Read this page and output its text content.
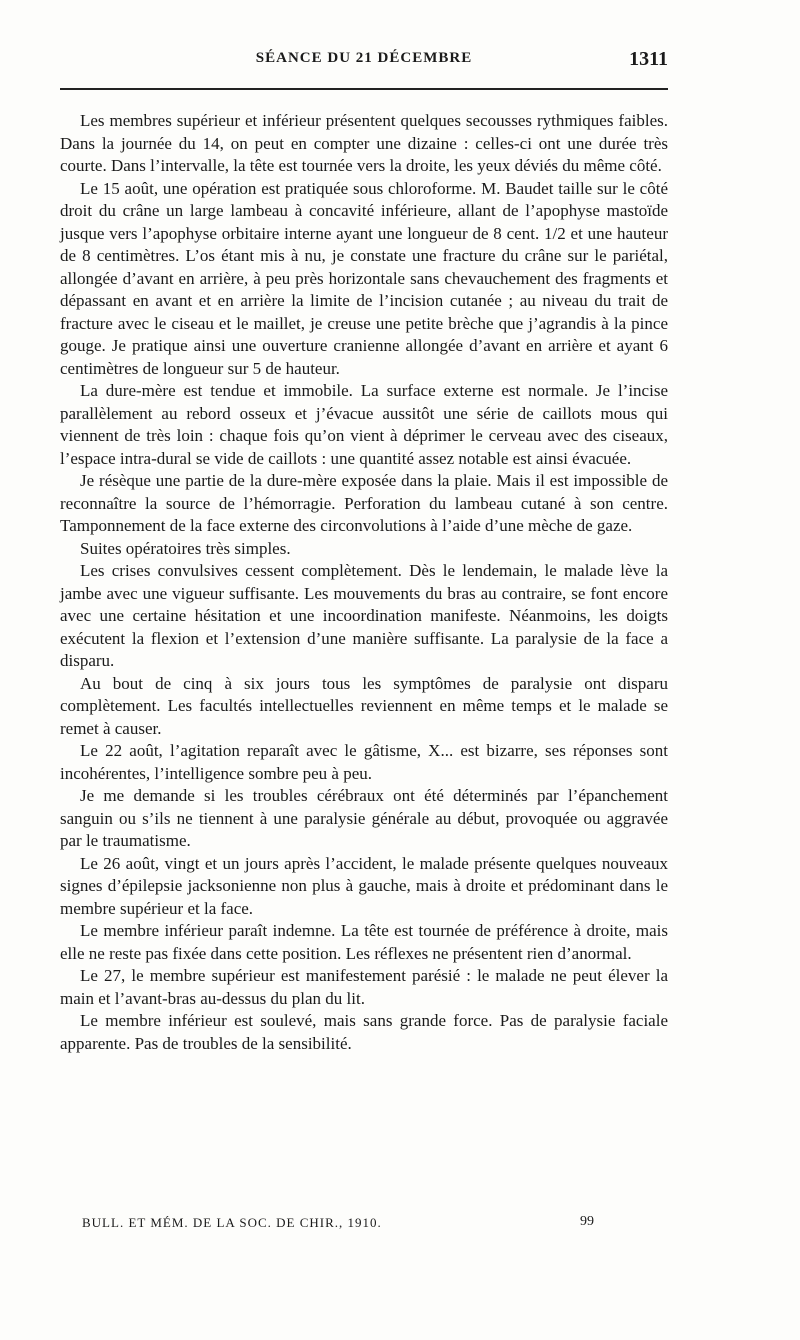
SÉANCE DU 21 DÉCEMBRE	1311

Les membres supérieur et inférieur présentent quelques secousses rythmiques faibles. Dans la journée du 14, on peut en compter une dizaine : celles-ci ont une durée très courte. Dans l’intervalle, la tête est tournée vers la droite, les yeux déviés du même côté.

Le 15 août, une opération est pratiquée sous chloroforme. M. Baudet taille sur le côté droit du crâne un large lambeau à concavité inférieure, allant de l’apophyse mastoïde jusque vers l’apophyse orbitaire interne ayant une longueur de 8 cent. 1/2 et une hauteur de 8 centimètres. L’os étant mis à nu, je constate une fracture du crâne sur le pariétal, allongée d’avant en arrière, à peu près horizontale sans chevauchement des fragments et dépassant en avant et en arrière la limite de l’incision cutanée ; au niveau du trait de fracture avec le ciseau et le maillet, je creuse une petite brèche que j’agrandis à la pince gouge. Je pratique ainsi une ouverture cranienne allongée d’avant en arrière et ayant 6 centimètres de longueur sur 5 de hauteur.

La dure-mère est tendue et immobile. La surface externe est normale. Je l’incise parallèlement au rebord osseux et j’évacue aussitôt une série de caillots mous qui viennent de très loin : chaque fois qu’on vient à déprimer le cerveau avec des ciseaux, l’espace intra-dural se vide de caillots : une quantité assez notable est ainsi évacuée.

Je résèque une partie de la dure-mère exposée dans la plaie. Mais il est impossible de reconnaître la source de l’hémorragie. Perforation du lambeau cutané à son centre. Tamponnement de la face externe des circonvolutions à l’aide d’une mèche de gaze.

Suites opératoires très simples.

Les crises convulsives cessent complètement. Dès le lendemain, le malade lève la jambe avec une vigueur suffisante. Les mouvements du bras au contraire, se font encore avec une certaine hésitation et une incoordination manifeste. Néanmoins, les doigts exécutent la flexion et l’extension d’une manière suffisante. La paralysie de la face a disparu.

Au bout de cinq à six jours tous les symptômes de paralysie ont disparu complètement. Les facultés intellectuelles reviennent en même temps et le malade se remet à causer.

Le 22 août, l’agitation reparaît avec le gâtisme, X... est bizarre, ses réponses sont incohérentes, l’intelligence sombre peu à peu.

Je me demande si les troubles cérébraux ont été déterminés par l’épanchement sanguin ou s’ils ne tiennent à une paralysie générale au début, provoquée ou aggravée par le traumatisme.

Le 26 août, vingt et un jours après l’accident, le malade présente quelques nouveaux signes d’épilepsie jacksonienne non plus à gauche, mais à droite et prédominant dans le membre supérieur et la face.

Le membre inférieur paraît indemne. La tête est tournée de préférence à droite, mais elle ne reste pas fixée dans cette position. Les réflexes ne présentent rien d’anormal.

Le 27, le membre supérieur est manifestement parésié : le malade ne peut élever la main et l’avant-bras au-dessus du plan du lit.

Le membre inférieur est soulevé, mais sans grande force. Pas de paralysie faciale apparente. Pas de troubles de la sensibilité.

BULL. ET MÉM. DE LA SOC. DE CHIR., 1910.	99
